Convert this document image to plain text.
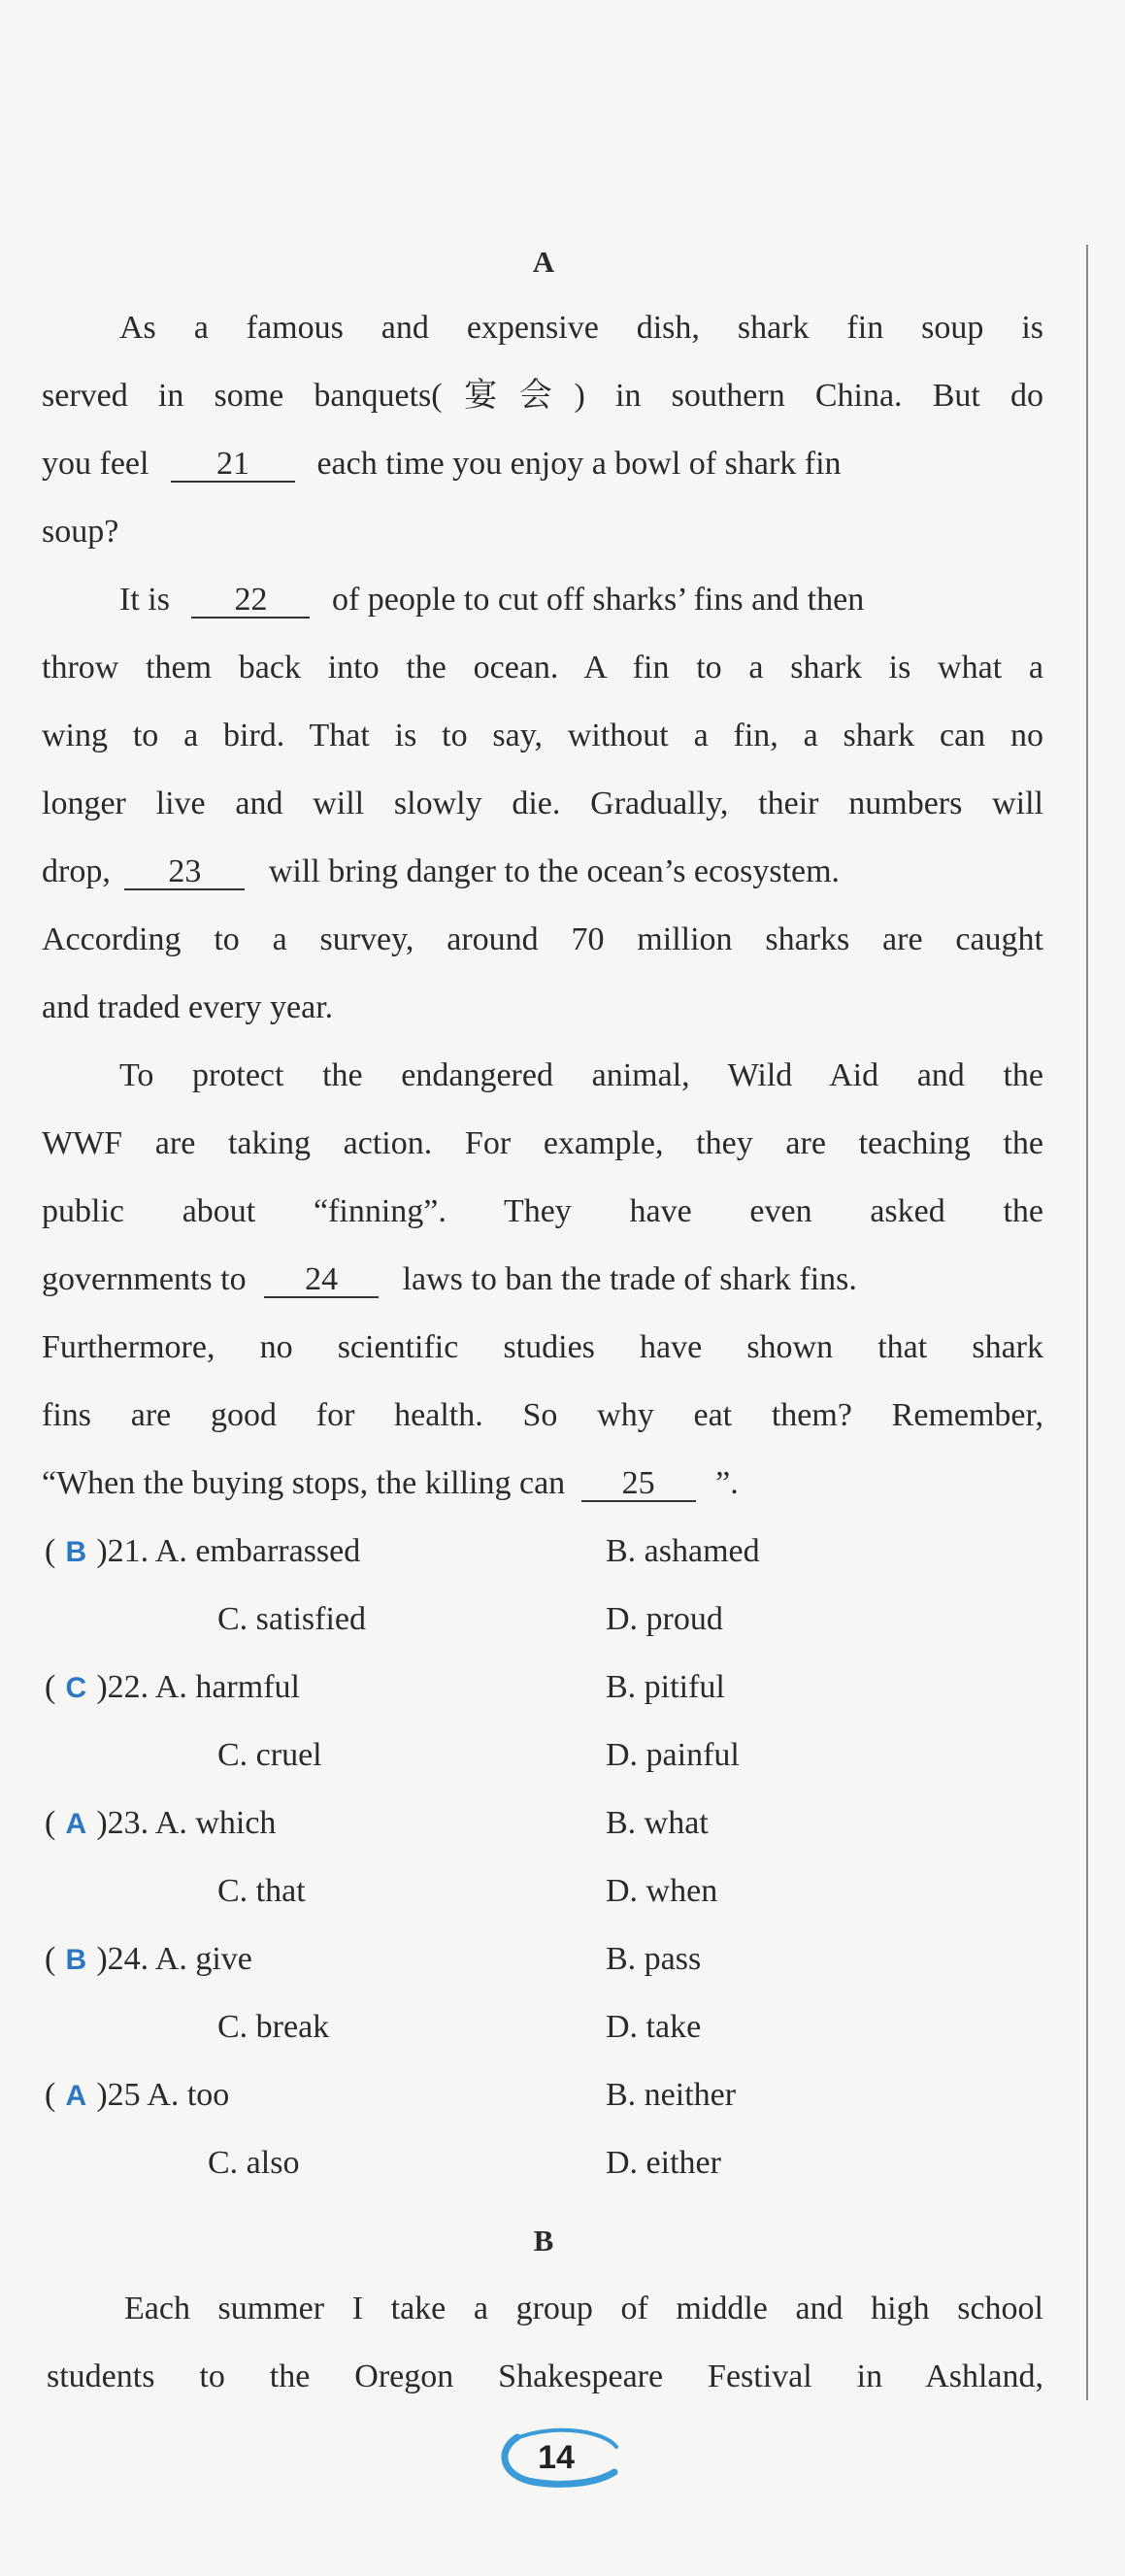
A
As a famous and expensive dish, shark fin soup is
served in some banquets(宴会) in southern China. But do
you feel 21 each time you enjoy a bowl of shark fin
soup?
It is 22 of people to cut off sharks’ fins and then
throw them back into the ocean. A fin to a shark is what a
wing to a bird. That is to say, without a fin, a shark can no
longer live and will slowly die. Gradually, their numbers will
drop, 23 will bring danger to the ocean’s ecosystem.
According to a survey, around 70 million sharks are caught
and traded every year.
To protect the endangered animal, Wild Aid and the
WWF are taking action. For example, they are teaching the
public about “finning”. They have even asked the
governments to 24 laws to ban the trade of shark fins.
Furthermore, no scientific studies have shown that shark
fins are good for health. So why eat them? Remember,
“When the buying stops, the killing can 25 ”.
( B )21. A. embarrassed	B. ashamed
C. satisfied	D. proud
( C )22. A. harmful	B. pitiful
C. cruel	D. painful
( A )23. A. which	B. what
C. that	D. when
( B )24. A. give	B. pass
C. break	D. take
( A )25 A. too	B. neither
C. also	D. either
B
Each summer I take a group of middle and high school
students to the Oregon Shakespeare Festival in Ashland,
14
